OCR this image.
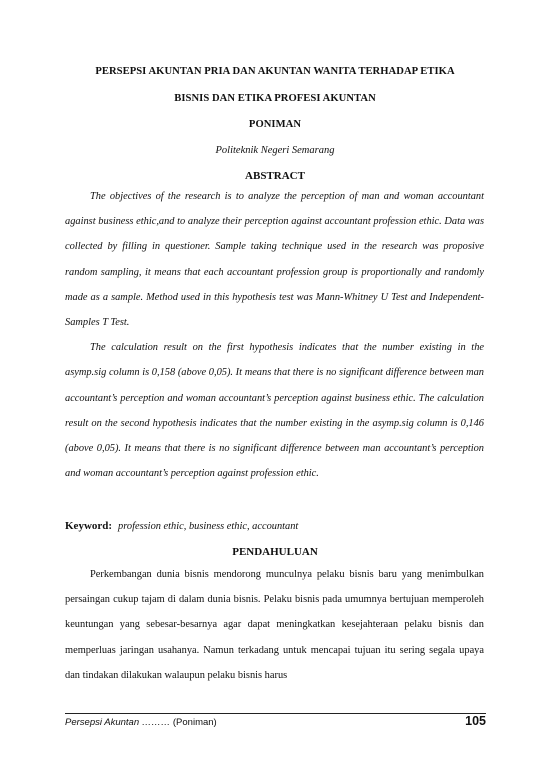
PERSEPSI AKUNTAN PRIA DAN AKUNTAN WANITA TERHADAP ETIKA
BISNIS DAN ETIKA PROFESI AKUNTAN
PONIMAN
Politeknik Negeri Semarang
ABSTRACT

The objectives of the research is to analyze the perception of man and woman accountant against business ethic,and to analyze their perception against accountant profession ethic. Data was collected by filling in questioner. Sample taking technique used in the research was proposive random sampling, it means that each accountant profession group is proportionally and randomly made as a sample. Method used in this hypothesis test was Mann-Whitney U Test and Independent-Samples T Test.

The calculation result on the first hypothesis indicates that the number existing in the asymp.sig column is 0,158 (above 0,05). It means that there is no significant difference between man accountant’s perception and woman accountant’s perception against business ethic. The calculation result on the second hypothesis indicates that the number existing in the asymp.sig column is 0,146 (above 0,05). It means that there is no significant difference between man accountant’s perception and woman accountant’s perception against profession ethic.

Keyword: profession ethic, business ethic, accountant
PENDAHULUAN

Perkembangan dunia bisnis mendorong munculnya pelaku bisnis baru yang menimbulkan persaingan cukup tajam di dalam dunia bisnis. Pelaku bisnis pada umumnya bertujuan memperoleh keuntungan yang sebesar-besarnya agar dapat meningkatkan kesejahteraan pelaku bisnis dan memperluas jaringan usahanya. Namun terkadang untuk mencapai tujuan itu sering segala upaya dan tindakan dilakukan walaupun pelaku bisnis harus

Persepsi Akuntan ……… (Poniman)	105
